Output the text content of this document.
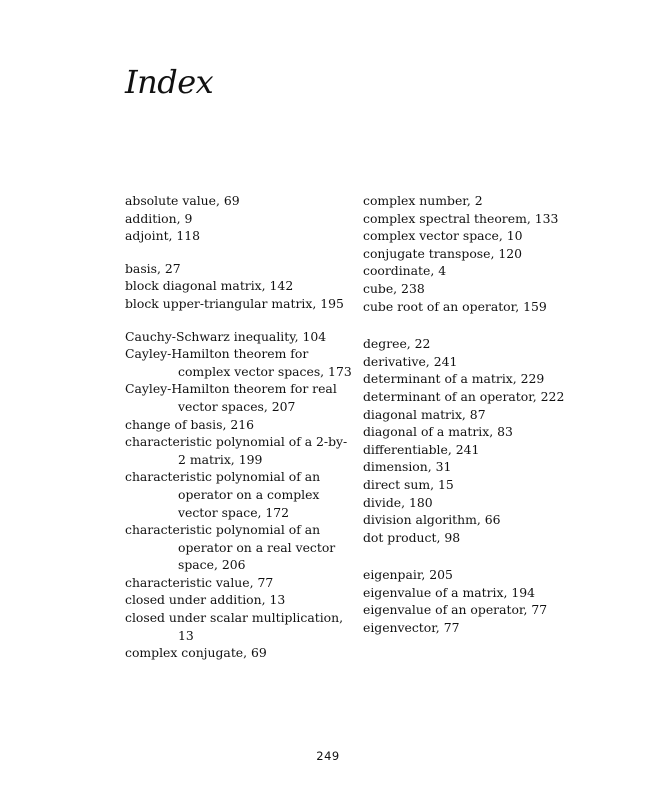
Index

absolute value, 69

addition, 9

adjoint, 118

basis, 27

block diagonal matrix, 142

block upper-triangular matrix, 195

Cauchy-Schwarz inequality, 104

Cayley-Hamilton theorem for complex vector spaces, 173

Cayley-Hamilton theorem for real vector spaces, 207

change of basis, 216

characteristic polynomial of a 2-by-2 matrix, 199

characteristic polynomial of an operator on a complex vector space, 172

characteristic polynomial of an operator on a real vector space, 206

characteristic value, 77

closed under addition, 13

closed under scalar multiplication, 13

complex conjugate, 69

complex number, 2

complex spectral theorem, 133

complex vector space, 10

conjugate transpose, 120

coordinate, 4

cube, 238

cube root of an operator, 159

degree, 22

derivative, 241

determinant of a matrix, 229

determinant of an operator, 222

diagonal matrix, 87

diagonal of a matrix, 83

differentiable, 241

dimension, 31

direct sum, 15

divide, 180

division algorithm, 66

dot product, 98

eigenpair, 205

eigenvalue of a matrix, 194

eigenvalue of an operator, 77

eigenvector, 77

249
